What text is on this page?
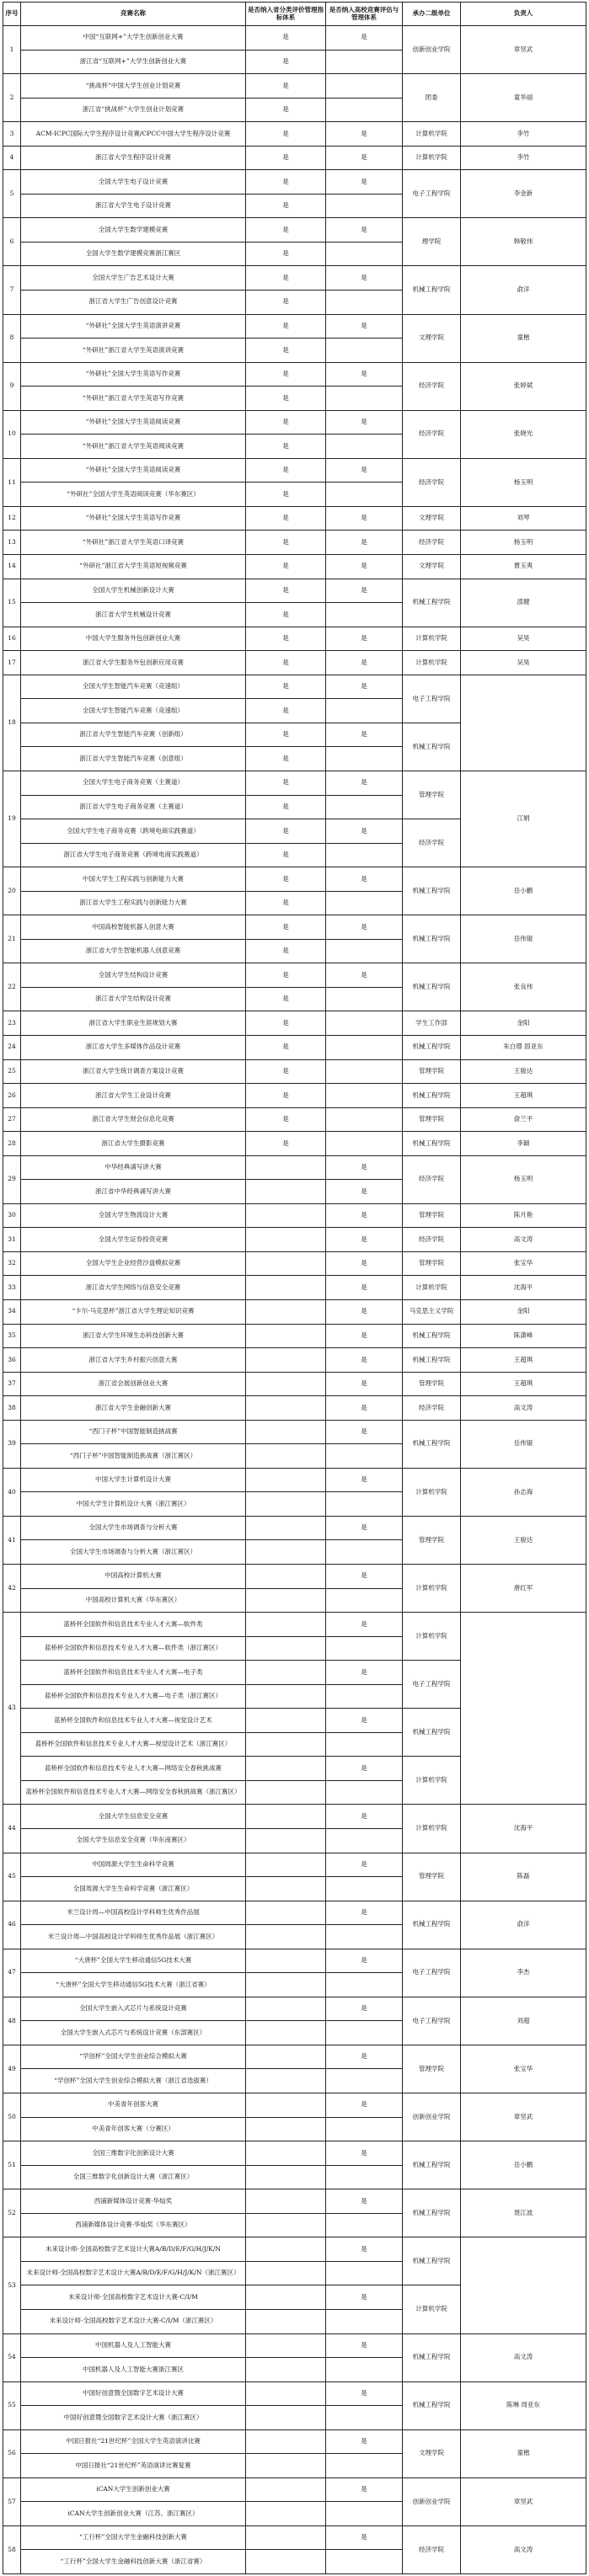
序号	竞赛名称	是否纳入省分类评价管理指标体系	是否纳入高校竞赛评估与管理体系	承办二级单位	负责人
1	中国“互联网+”大学生创新创业大赛	是	是	创新创业学院	章坚武
	浙江省“互联网+”大学生创新创业大赛	是			
2	“挑战杯”中国大学生创业计划竞赛	是		团委	童华丽
	浙江省“挑战杯”大学生创业计划竞赛	是			
3	ACM-ICPC国际大学生程序设计竞赛/CPCC中国大学生程序设计竞赛	是	是	计算机学院	李竹
4	浙江省大学生程序设计竞赛	是	是	计算机学院	李竹
5	全国大学生电子设计竞赛	是	是	电子工程学院	李金新
	浙江省大学生电子设计竞赛	是			
6	全国大学生数学建模竞赛	是	是	理学院	韩敬伟
	全国大学生数学建模竞赛浙江赛区	是			
7	全国大学生广告艺术设计大赛	是	是	机械工程学院	俞洋
	浙江省大学生广告创意设计竞赛	是			
8	“外研社”全国大学生英语演讲竞赛	是	是	文理学院	童楷
	“外研社”浙江省大学生英语演讲竞赛	是			
9	“外研社”全国大学生英语写作竞赛	是	是	经济学院	张婷斌
	“外研社”浙江省大学生英语写作竞赛	是			
10	“外研社”全国大学生英语阅读竞赛	是	是	经济学院	张晓光
	“外研社”浙江省大学生英语阅读竞赛	是			
11	“外研社”全国大学生英语阅读竞赛	是	是	经济学院	杨玉明
	“外研社”全国大学生英语阅读竞赛（华东赛区）	是			
12	“外研社”全国大学生英语写作竞赛	是	是	文理学院	刘琴
13	“外研社”浙江省大学生英语口译竞赛	是	是	经济学院	杨玉明
14	“外研社”浙江省大学生英语短视频竞赛	是	是	文理学院	曹玉爽
15	全国大学生机械创新设计大赛	是	是	机械工程学院	邵健
	浙江省大学生机械设计竞赛	是			
16	中国大学生服务外包创新创业大赛	是	是	计算机学院	吴昊
17	浙江省大学生服务外包创新应用竞赛	是	是	计算机学院	吴昊
18	全国大学生智能汽车竞赛（竞速组）	是	是	电子工程学院	
	全国大学生智能汽车竞赛（竞速组）	是			
	浙江省大学生智能汽车竞赛（创新组）	是	是	机械工程学院	
	浙江省大学生智能汽车竞赛（创意组）	是			
19	全国大学生电子商务竞赛（主赛道）	是	是	管理学院	江娟
	浙江省大学生电子商务竞赛（主赛道）	是			
	全国大学生电子商务竞赛（跨境电商实践赛道）	是	是	经济学院	
	浙江省大学生电子商务竞赛（跨境电商实践赛道）	是			
20	中国大学生工程实践与创新能力大赛	是	是	机械工程学院	岳小鹏
	浙江省大学生工程实践与创新能力大赛	是			
21	中国高校智能机器人创意大赛	是	是	机械工程学院	岳伟锟
	浙江省大学生智能机器人创意竞赛	是			
22	全国大学生结构设计竞赛	是	是	机械工程学院	张良伟
	浙江省大学生结构设计竞赛	是			
23	浙江省大学生职业生涯规划大赛	是		学生工作部	金阳
24	浙江省大学生多媒体作品设计竞赛	是		机械工程学院	朱白璟 固亚东
25	浙江省大学生统计调查方案设计竞赛	是		管理学院	王骏达
26	浙江省大学生工业设计竞赛	是		机械工程学院	王超琪
27	浙江省大学生财会信息化竞赛	是		管理学院	俞兰平
28	浙江省大学生摄影竞赛	是		机械工程学院	李颖
29	中华经典诵写讲大赛		是	经济学院	杨玉明
	浙江省中华经典诵写讲大赛		是		
30	全国大学生物流设计大赛		是	管理学院	陈月艳
31	全国大学生证券投资竞赛		是	经济学院	高文涛
32	全国大学生企业经营沙盘模拟竞赛		是	管理学院	张宝华
33	浙江省大学生网络与信息安全竞赛		是	计算机学院	沈海平
34	“卡尔·马克思杯”浙江省大学生理论知识竞赛		是	马克思主义学院	金阳
35	浙江省大学生环境生态科技创新大赛		是	机械工程学院	陈潇峰
36	浙江省大学生乡村振兴创意大赛		是	机械工程学院	王超琪
37	浙江省会展创新创业大赛		是	管理学院	王超琪
38	浙江省大学生金融创新大赛		是	经济学院	高文涛
39	“西门子杯”中国智能制造挑战赛		是	机械工程学院	岳伟锟
	“西门子杯”中国智能制造挑战赛（浙江赛区）				
40	中国大学生计算机设计大赛		是	计算机学院	孙志海
	中国大学生计算机设计大赛（浙江赛区）				
41	全国大学生市场调查与分析大赛		是	管理学院	王骏达
	全国大学生市场调查与分析大赛（浙江赛区）				
42	中国高校计算机大赛		是	计算机学院	唐红军
	中国高校计算机大赛（华东赛区）				
43	蓝桥杯全国软件和信息技术专业人才大赛—软件类		是	计算机学院	
	蓝桥杯全国软件和信息技术专业人才大赛—软件类（浙江赛区）				
	蓝桥杯全国软件和信息技术专业人才大赛—电子类		是	电子工程学院	
	蓝桥杯全国软件和信息技术专业人才大赛—电子类（浙江赛区）				
	蓝桥杯全国软件和信息技术专业人才大赛—视觉设计艺术		是	机械工程学院	
	蓝桥杯全国软件和信息技术专业人才大赛—视觉设计艺术（浙江赛区）				
	蓝桥杯全国软件和信息技术专业人才大赛—网络安全春秋挑战赛		是	计算机学院	
	蓝桥杯全国软件和信息技术专业人才大赛—网络安全春秋挑战赛（浙江赛区）				
44	全国大学生信息安全竞赛		是	计算机学院	沈海平
	全国大学生信息安全竞赛（华东南赛区）				
45	中国周源大学生生命科学竞赛		是	管理学院	陈磊
	全国周源大学生生命科学竞赛（浙江赛区）				
46	米兰设计周—中国高校设计学科师生优秀作品展		是	机械工程学院	俞洋
	米兰设计周—中国高校设计学科师生优秀作品展（浙江赛区）				
47	“大唐杯”全国大学生移动通信5G技术大赛		是	电子工程学院	李杰
	“大唐杯”全国大学生移动通信5G技术大赛（浙江省赛）				
48	全国大学生嵌入式芯片与系统设计竞赛		是	电子工程学院	刘超
	全国大学生嵌入式芯片与系统设计竞赛（东部赛区）				
49	“学创杯”全国大学生创业综合模拟大赛		是	管理学院	张宝华
	“学创杯”全国大学生创业综合模拟大赛（浙江省选拔赛）				
50	中美青年创客大赛		是	创新创业学院	章坚武
	中美青年创客大赛（分赛区）				
51	全国三维数字化创新设计大赛		是	机械工程学院	岳小鹏
	全国三维数字化创新设计大赛（浙江赛区）				
52	西浦新媒体设计竞赛·华灿奖		是	机械工程学院	聂江波
	西浦新媒体设计竞赛·华灿奖（华东赛区）				
53	未来设计师·全国高校数字艺术设计大赛A/B/D/E/F/G/H/J/K/N		是	机械工程学院	
	未来设计师·全国高校数字艺术设计大赛A/B/D/E/F/G/H/J/K/N（浙江赛区）				
	未来设计师·全国高校数字艺术设计大赛-C/I/M		是	计算机学院	
	未来设计师·全国高校数字艺术设计大赛-C/I/M（浙江赛区）				
54	中国机器人及人工智能大赛		是	机械工程学院	高文涛
	中国机器人及人工智能大赛浙江赛区				
55	中国好创意暨全国数字艺术设计大赛		是	机械工程学院	陈琳 周亚东
	中国好创意暨全国数字艺术设计大赛（浙江赛区）				
56	中国日报社“21世纪杯”全国大学生英语演讲比赛		是	文理学院	童楷
	中国日报社“21世纪杯”英语演讲比赛复赛				
57	iCAN大学生创新创业大赛		是	创新创业学院	章坚武
	iCAN大学生创新创业大赛（江苏、浙江赛区）				
58	“工行杯”全国大学生金融科技创新大赛		是	经济学院	高文涛
	“工行杯”全国大学生金融科技创新大赛（浙江省赛）				
